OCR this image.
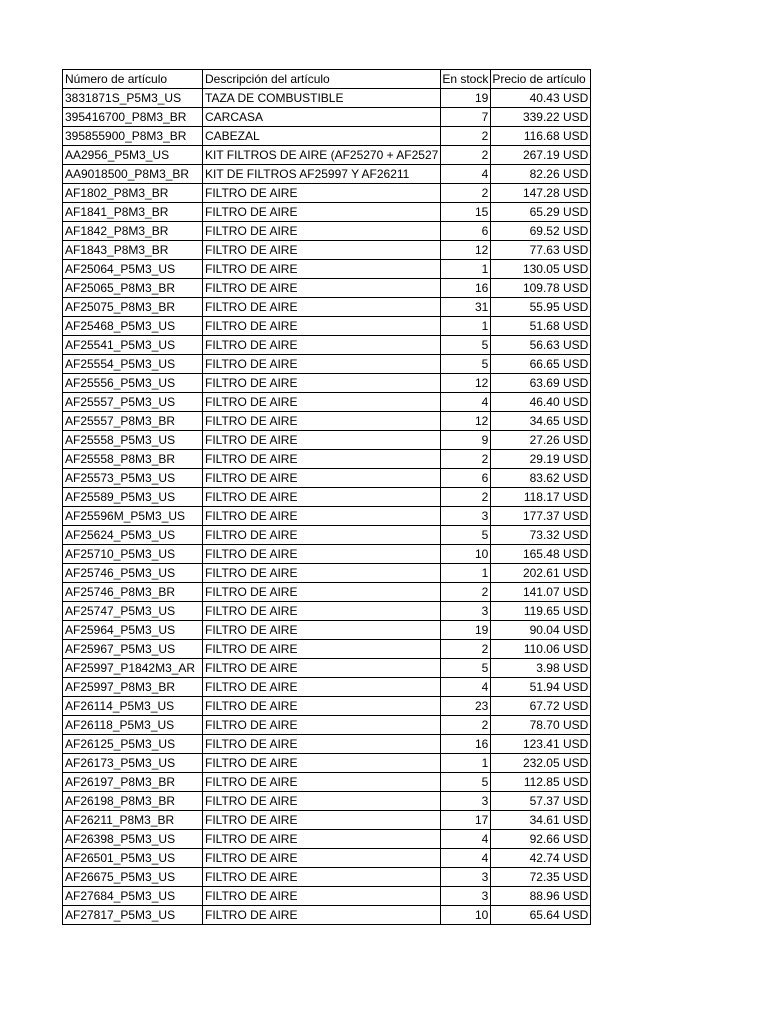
Número de artículo	Descripción del artículo	En stock	Precio de artículo
3831871S_P5M3_US	TAZA DE COMBUSTIBLE	19	40.43 USD
395416700_P8M3_BR	CARCASA	7	339.22 USD
395855900_P8M3_BR	CABEZAL	2	116.68 USD
AA2956_P5M3_US	KIT FILTROS DE AIRE (AF25270 + AF2527	2	267.19 USD
AA9018500_P8M3_BR	KIT DE FILTROS AF25997 Y AF26211	4	82.26 USD
AF1802_P8M3_BR	FILTRO DE AIRE	2	147.28 USD
AF1841_P8M3_BR	FILTRO DE AIRE	15	65.29 USD
AF1842_P8M3_BR	FILTRO DE AIRE	6	69.52 USD
AF1843_P8M3_BR	FILTRO DE AIRE	12	77.63 USD
AF25064_P5M3_US	FILTRO DE AIRE	1	130.05 USD
AF25065_P8M3_BR	FILTRO DE AIRE	16	109.78 USD
AF25075_P8M3_BR	FILTRO DE AIRE	31	55.95 USD
AF25468_P5M3_US	FILTRO DE AIRE	1	51.68 USD
AF25541_P5M3_US	FILTRO DE AIRE	5	56.63 USD
AF25554_P5M3_US	FILTRO DE AIRE	5	66.65 USD
AF25556_P5M3_US	FILTRO DE AIRE	12	63.69 USD
AF25557_P5M3_US	FILTRO DE AIRE	4	46.40 USD
AF25557_P8M3_BR	FILTRO DE AIRE	12	34.65 USD
AF25558_P5M3_US	FILTRO DE AIRE	9	27.26 USD
AF25558_P8M3_BR	FILTRO DE AIRE	2	29.19 USD
AF25573_P5M3_US	FILTRO DE AIRE	6	83.62 USD
AF25589_P5M3_US	FILTRO DE AIRE	2	118.17 USD
AF25596M_P5M3_US	FILTRO DE AIRE	3	177.37 USD
AF25624_P5M3_US	FILTRO DE AIRE	5	73.32 USD
AF25710_P5M3_US	FILTRO DE AIRE	10	165.48 USD
AF25746_P5M3_US	FILTRO DE AIRE	1	202.61 USD
AF25746_P8M3_BR	FILTRO DE AIRE	2	141.07 USD
AF25747_P5M3_US	FILTRO DE AIRE	3	119.65 USD
AF25964_P5M3_US	FILTRO DE AIRE	19	90.04 USD
AF25967_P5M3_US	FILTRO DE AIRE	2	110.06 USD
AF25997_P1842M3_AR	FILTRO DE AIRE	5	3.98 USD
AF25997_P8M3_BR	FILTRO DE AIRE	4	51.94 USD
AF26114_P5M3_US	FILTRO DE AIRE	23	67.72 USD
AF26118_P5M3_US	FILTRO DE AIRE	2	78.70 USD
AF26125_P5M3_US	FILTRO DE AIRE	16	123.41 USD
AF26173_P5M3_US	FILTRO DE AIRE	1	232.05 USD
AF26197_P8M3_BR	FILTRO DE AIRE	5	112.85 USD
AF26198_P8M3_BR	FILTRO DE AIRE	3	57.37 USD
AF26211_P8M3_BR	FILTRO DE AIRE	17	34.61 USD
AF26398_P5M3_US	FILTRO DE AIRE	4	92.66 USD
AF26501_P5M3_US	FILTRO DE AIRE	4	42.74 USD
AF26675_P5M3_US	FILTRO DE AIRE	3	72.35 USD
AF27684_P5M3_US	FILTRO DE AIRE	3	88.96 USD
AF27817_P5M3_US	FILTRO DE AIRE	10	65.64 USD
